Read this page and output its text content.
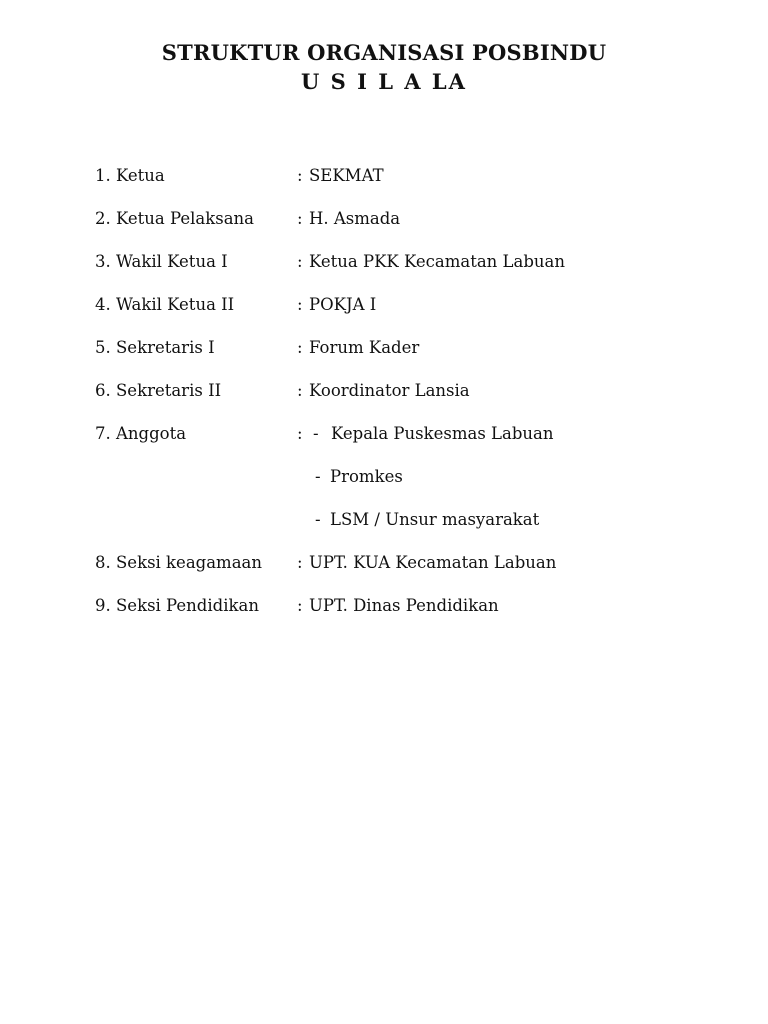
STRUKTUR ORGANISASI POSBINDU

U S I L A LA

1. Ketua	: SEKMAT
2. Ketua Pelaksana	: H. Asmada
3. Wakil Ketua I	: Ketua PKK Kecamatan Labuan
4. Wakil Ketua II	: POKJA I
5. Sekretaris I	: Forum Kader
6. Sekretaris II	: Koordinator Lansia
7. Anggota	: - Kepala Puskesmas Labuan
- Promkes
- LSM / Unsur masyarakat
8. Seksi keagamaan : UPT. KUA Kecamatan Labuan
9. Seksi Pendidikan : UPT. Dinas Pendidikan
